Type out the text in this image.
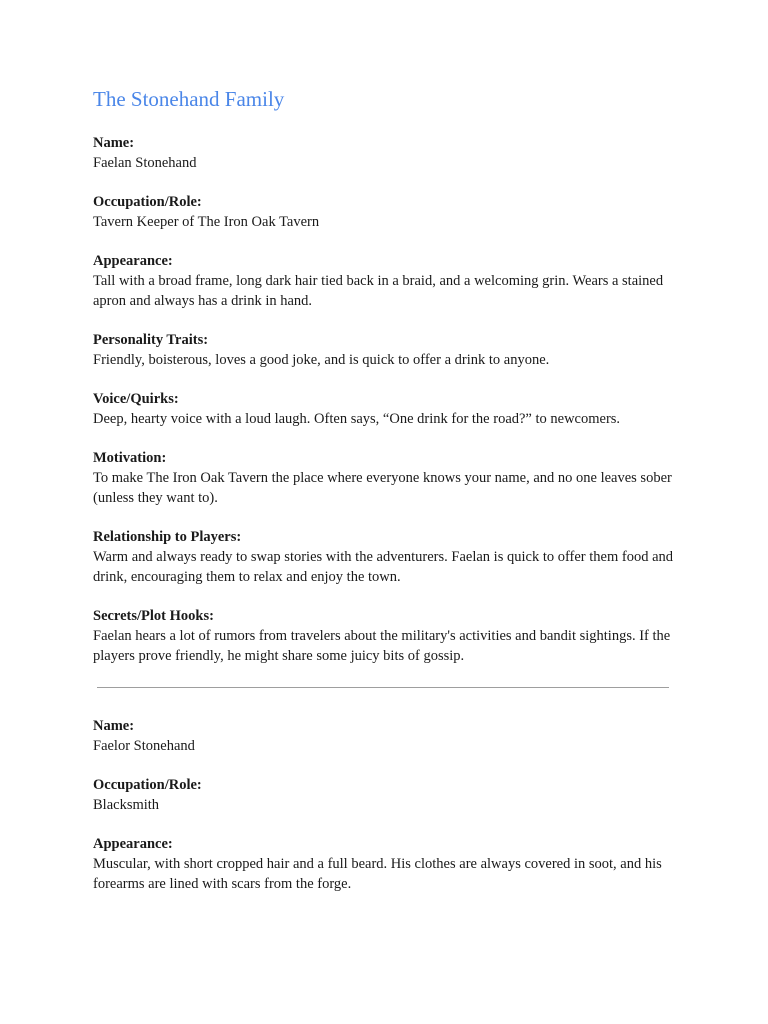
The Stonehand Family
Name:
Faelan Stonehand
Occupation/Role:
Tavern Keeper of The Iron Oak Tavern
Appearance:
Tall with a broad frame, long dark hair tied back in a braid, and a welcoming grin. Wears a stained apron and always has a drink in hand.
Personality Traits:
Friendly, boisterous, loves a good joke, and is quick to offer a drink to anyone.
Voice/Quirks:
Deep, hearty voice with a loud laugh. Often says, “One drink for the road?” to newcomers.
Motivation:
To make The Iron Oak Tavern the place where everyone knows your name, and no one leaves sober (unless they want to).
Relationship to Players:
Warm and always ready to swap stories with the adventurers. Faelan is quick to offer them food and drink, encouraging them to relax and enjoy the town.
Secrets/Plot Hooks:
Faelan hears a lot of rumors from travelers about the military's activities and bandit sightings. If the players prove friendly, he might share some juicy bits of gossip.
Name:
Faelor Stonehand
Occupation/Role:
Blacksmith
Appearance:
Muscular, with short cropped hair and a full beard. His clothes are always covered in soot, and his forearms are lined with scars from the forge.
